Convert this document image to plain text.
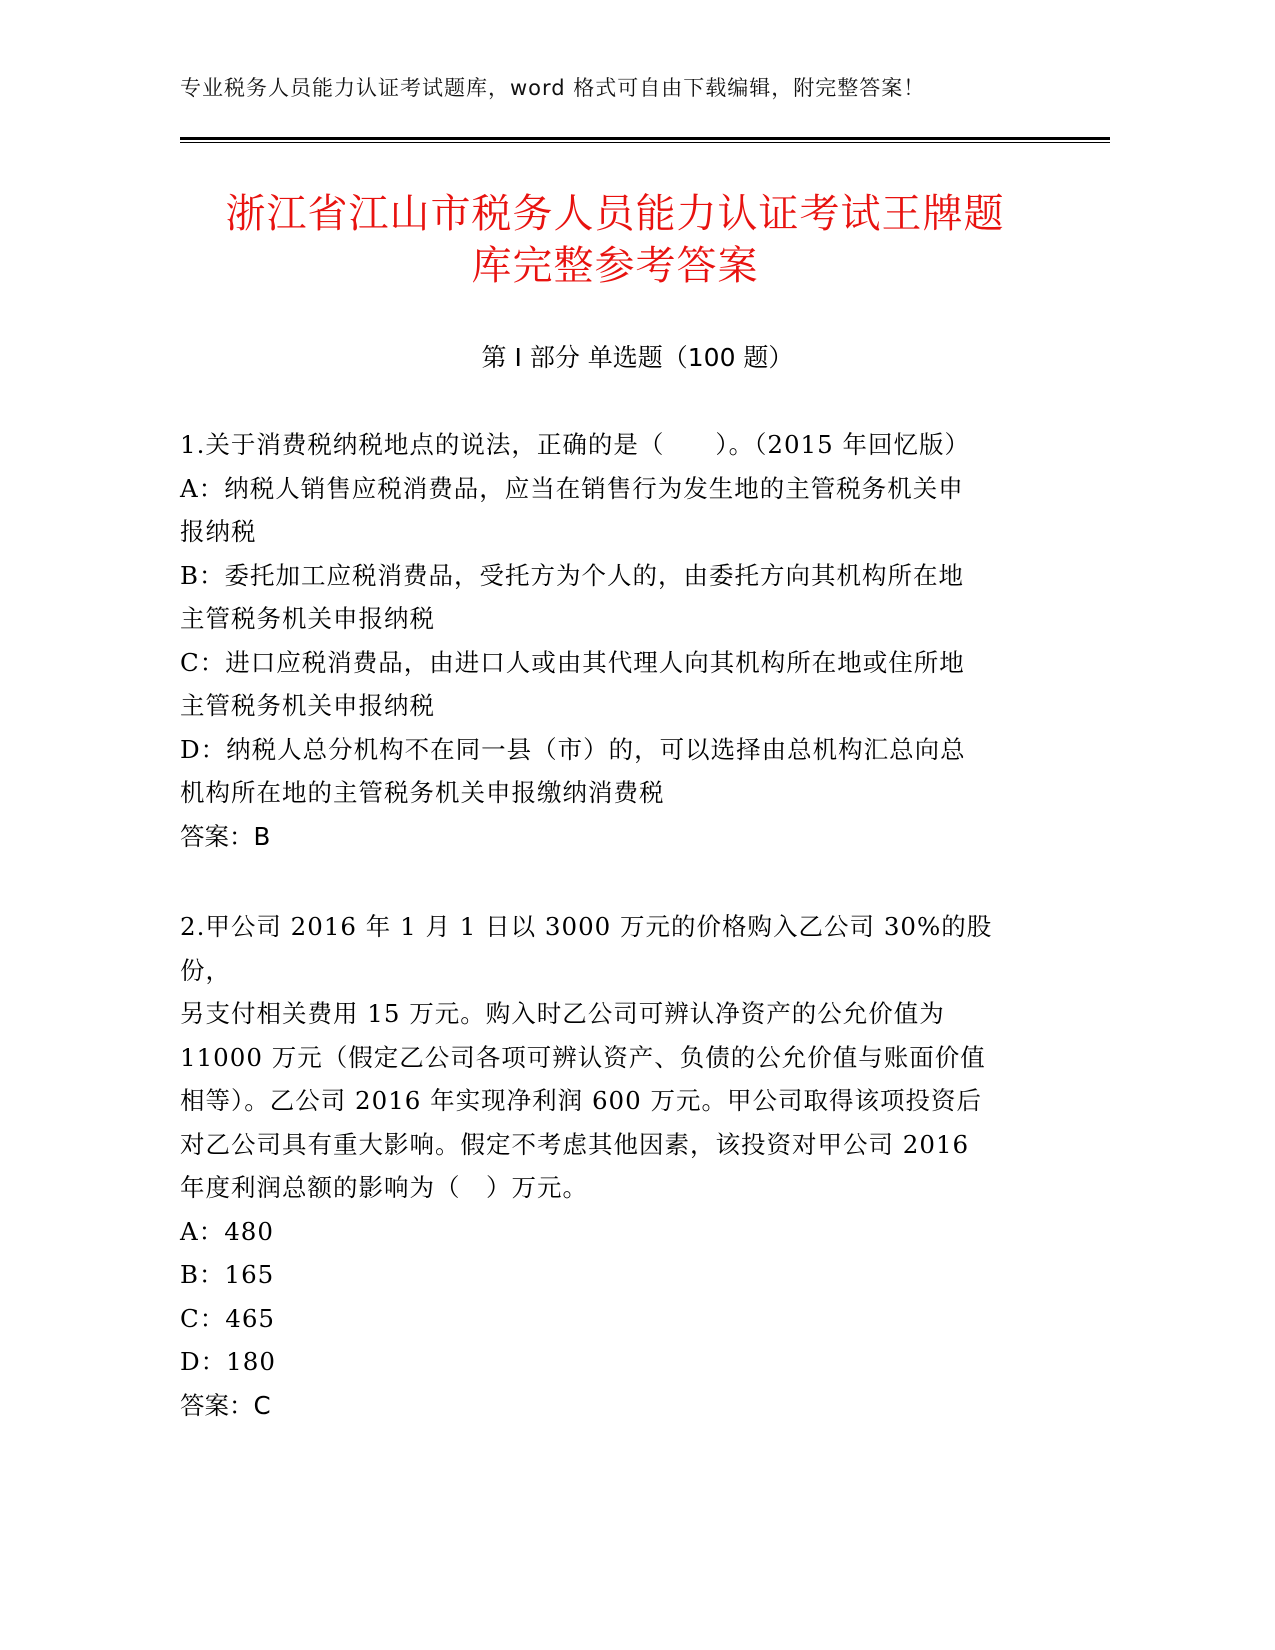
专业税务人员能力认证考试题库，word 格式可自由下载编辑，附完整答案！
浙江省江山市税务人员能力认证考试王牌题
库完整参考答案
第 I 部分 单选题（100 题）
1.关于消费税纳税地点的说法，正确的是（　　）。（2015 年回忆版）
A：纳税人销售应税消费品，应当在销售行为发生地的主管税务机关申
报纳税
B：委托加工应税消费品，受托方为个人的，由委托方向其机构所在地
主管税务机关申报纳税
C：进口应税消费品，由进口人或由其代理人向其机构所在地或住所地
主管税务机关申报纳税
D：纳税人总分机构不在同一县（市）的，可以选择由总机构汇总向总
机构所在地的主管税务机关申报缴纳消费税
答案：B
2.甲公司 2016 年 1 月 1 日以 3000 万元的价格购入乙公司 30%的股份，
另支付相关费用 15 万元。购入时乙公司可辨认净资产的公允价值为
11000 万元（假定乙公司各项可辨认资产、负债的公允价值与账面价值
相等）。乙公司 2016 年实现净利润 600 万元。甲公司取得该项投资后
对乙公司具有重大影响。假定不考虑其他因素，该投资对甲公司 2016
年度利润总额的影响为（　）万元。
A：480
B：165
C：465
D：180
答案：C
